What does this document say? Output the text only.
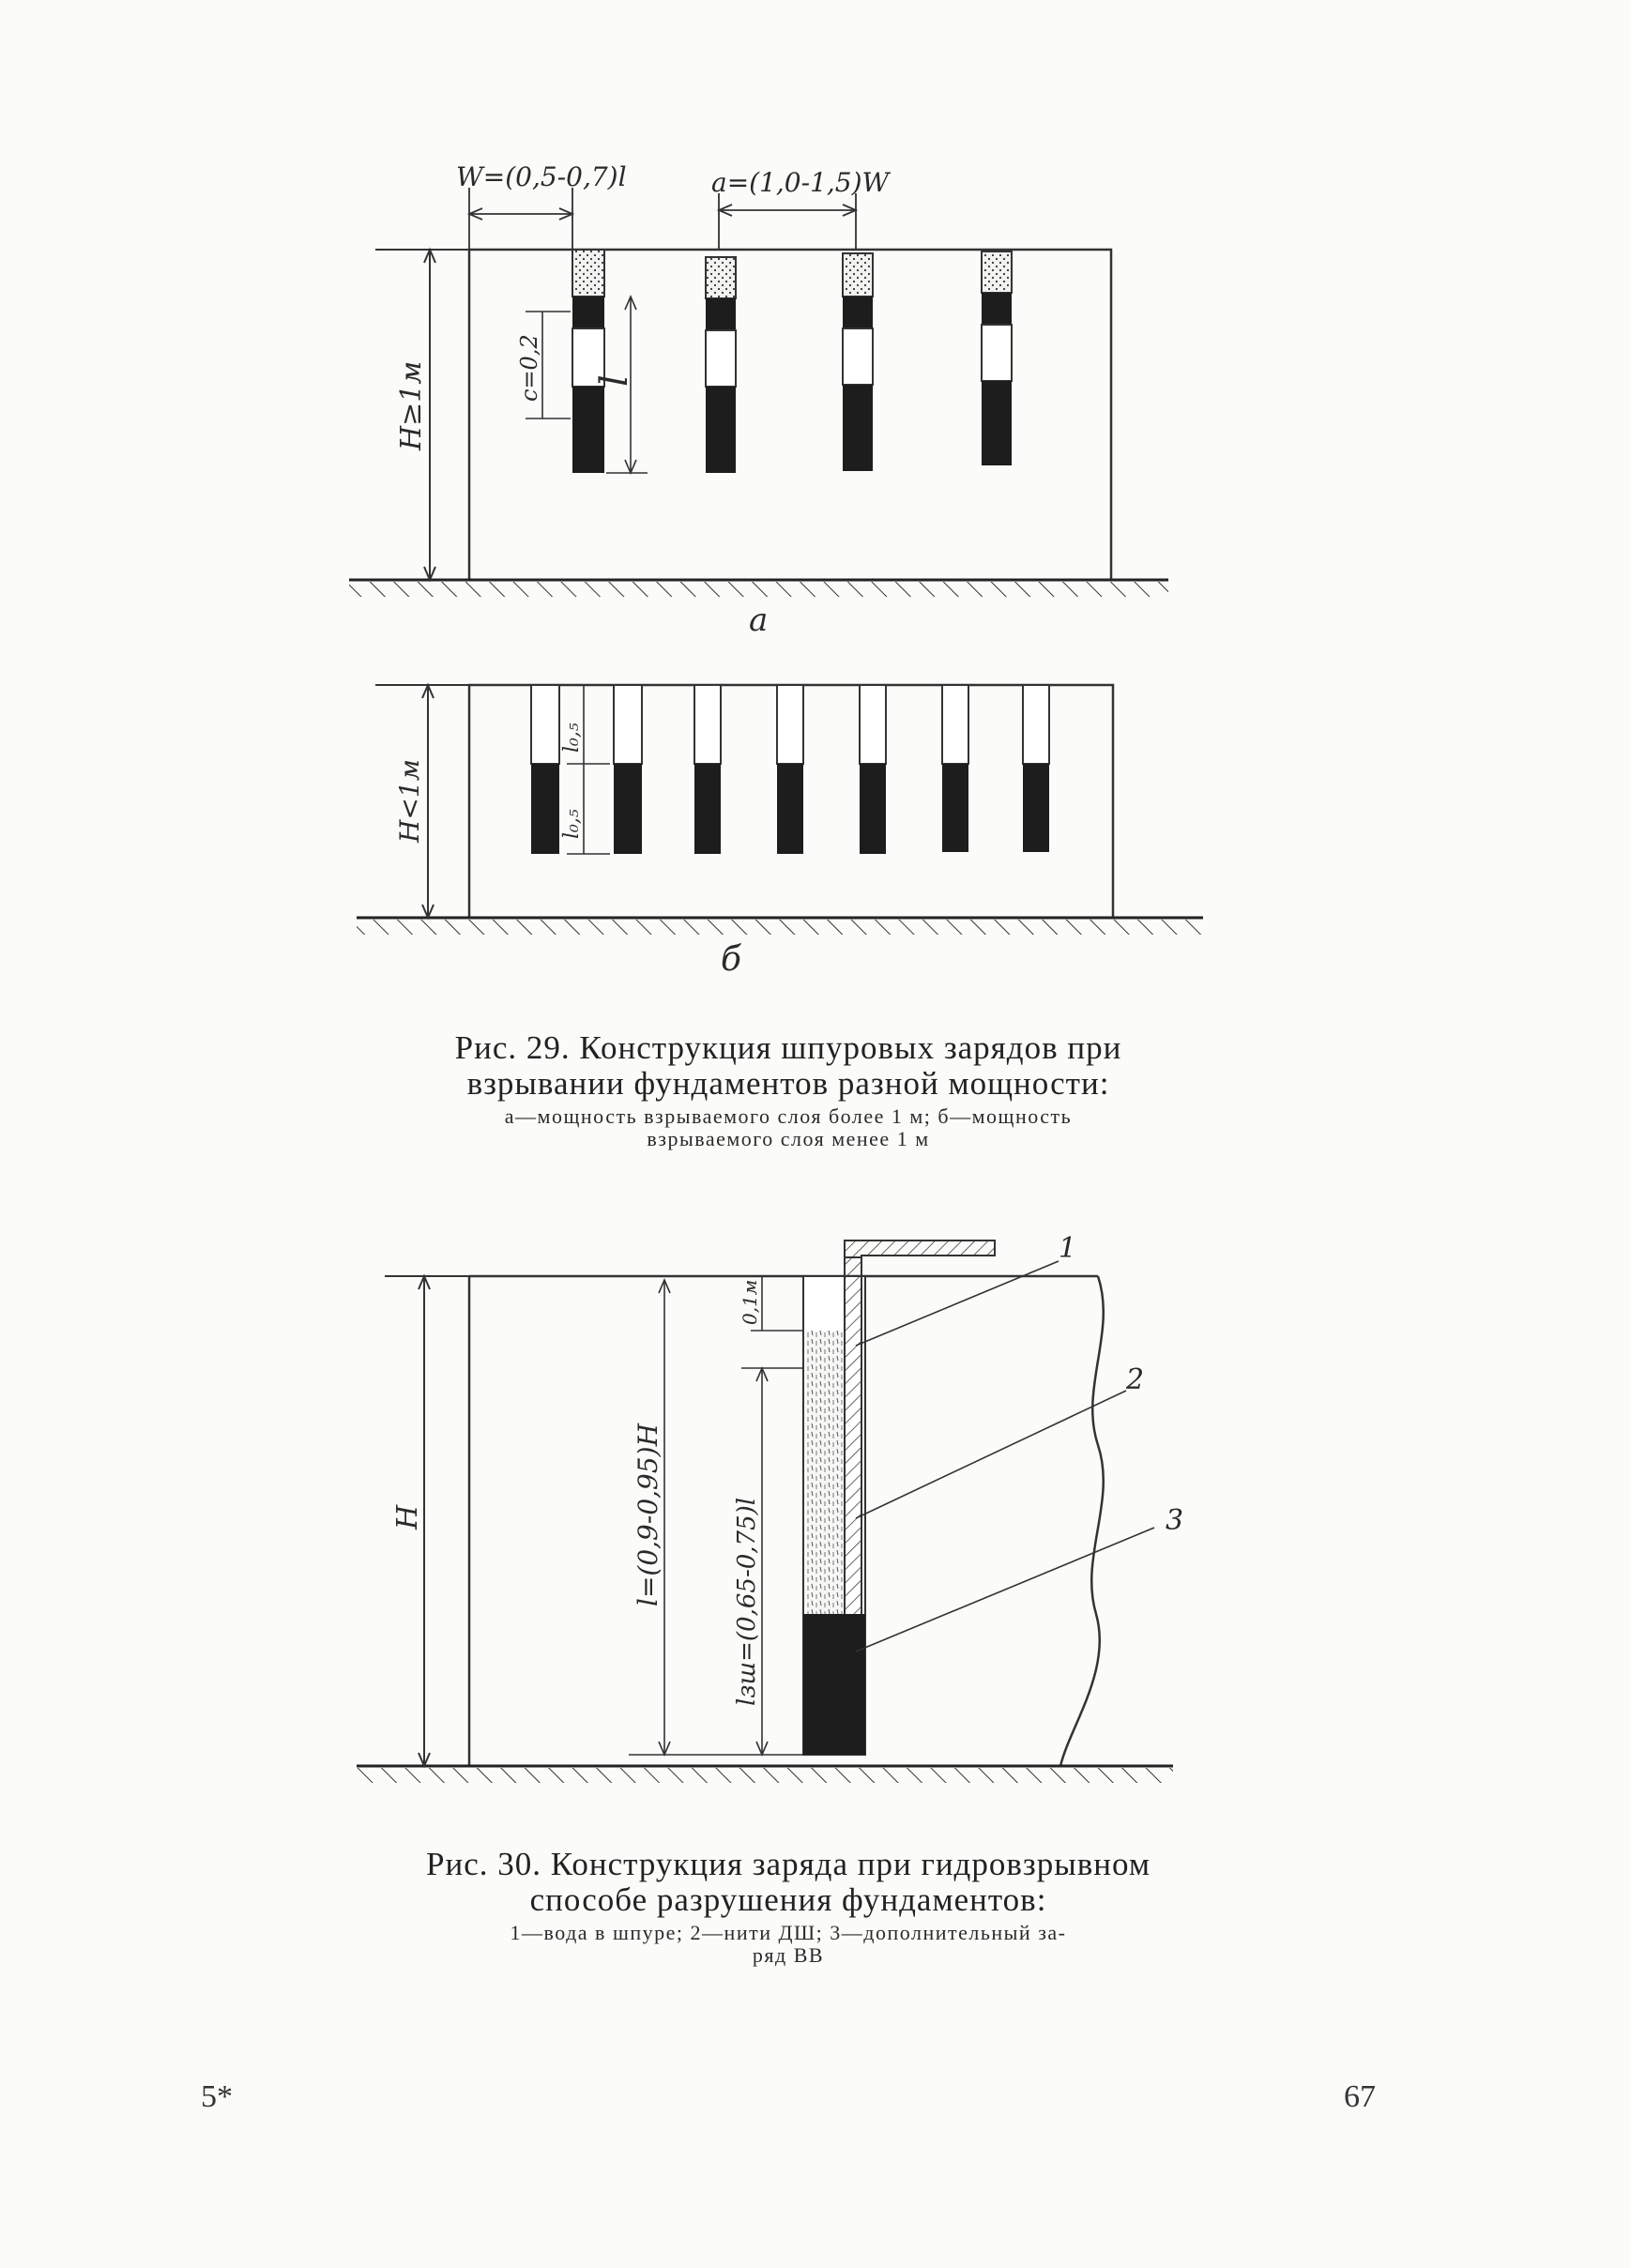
H≥1м
W=(0,5-0,7)l	a=(1,0-1,5)W
c=0,2 l
а
H<1м
l₀,₅
l₀,₅
б
Рис. 29. Конструкция шпуровых зарядов при
взрывании фундаментов разной мощности:
а—мощность взрываемого слоя более 1 м; б—мощность
взрываемого слоя менее 1 м
H
0,1м
l=(0,9-0,95)H	lзш=(0,65-0,75)l
1
2
3
Рис. 30. Конструкция заряда при гидровзрывном
способе разрушения фундаментов:
1—вода в шпуре; 2—нити ДШ; 3—дополнительный за-
ряд ВВ
5*	67
